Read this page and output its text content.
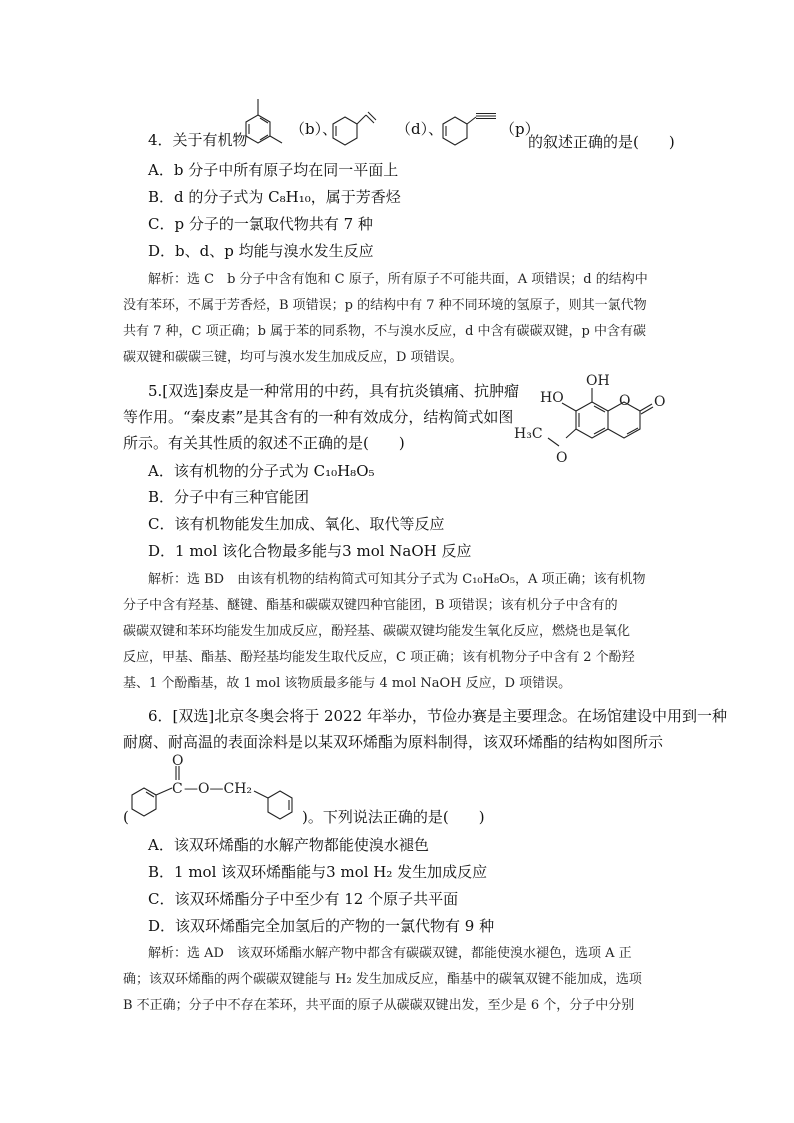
4．关于有机物
（b）、	（d）、	（p）
的叙述正确的是(　　)
A．b 分子中所有原子均在同一平面上
B．d 的分子式为 C₈H₁₀，属于芳香烃
C．p 分子的一氯取代物共有 7 种
D．b、d、p 均能与溴水发生反应
解析：选 C　b 分子中含有饱和 C 原子，所有原子不可能共面，A 项错误；d 的结构中
没有苯环，不属于芳香烃，B 项错误；p 的结构中有 7 种不同环境的氢原子，则其一氯代物
共有 7 种，C 项正确；b 属于苯的同系物，不与溴水反应，d 中含有碳碳双键，p 中含有碳
碳双键和碳碳三键，均可与溴水发生加成反应，D 项错误。
5.[双选]秦皮是一种常用的中药，具有抗炎镇痛、抗肿瘤
等作用。“秦皮素”是其含有的一种有效成分，结构简式如图
所示。有关其性质的叙述不正确的是(　　)
OH
HO	O O
H₃C
O
A．该有机物的分子式为 C₁₀H₈O₅
B．分子中有三种官能团
C．该有机物能发生加成、氧化、取代等反应
D．1 mol 该化合物最多能与3 mol NaOH 反应
解析：选 BD　由该有机物的结构简式可知其分子式为 C₁₀H₈O₅，A 项正确；该有机物
分子中含有羟基、醚键、酯基和碳碳双键四种官能团，B 项错误；该有机分子中含有的
碳碳双键和苯环均能发生加成反应，酚羟基、碳碳双键均能发生氧化反应，燃烧也是氧化
反应，甲基、酯基、酚羟基均能发生取代反应，C 项正确；该有机物分子中含有 2 个酚羟
基、1 个酚酯基，故 1 mol 该物质最多能与 4 mol NaOH 反应，D 项错误。
6．[双选]北京冬奥会将于 2022 年举办，节俭办赛是主要理念。在场馆建设中用到一种
耐腐、耐高温的表面涂料是以某双环烯酯为原料制得，该双环烯酯的结构如图所示
(
O
C —O—CH₂
)。下列说法正确的是(　　)
A．该双环烯酯的水解产物都能使溴水褪色
B．1 mol 该双环烯酯能与3 mol H₂ 发生加成反应
C．该双环烯酯分子中至少有 12 个原子共平面
D．该双环烯酯完全加氢后的产物的一氯代物有 9 种
解析：选 AD　该双环烯酯水解产物中都含有碳碳双键，都能使溴水褪色，选项 A 正
确；该双环烯酯的两个碳碳双键能与 H₂ 发生加成反应，酯基中的碳氧双键不能加成，选项
B 不正确；分子中不存在苯环，共平面的原子从碳碳双键出发，至少是 6 个，分子中分别
